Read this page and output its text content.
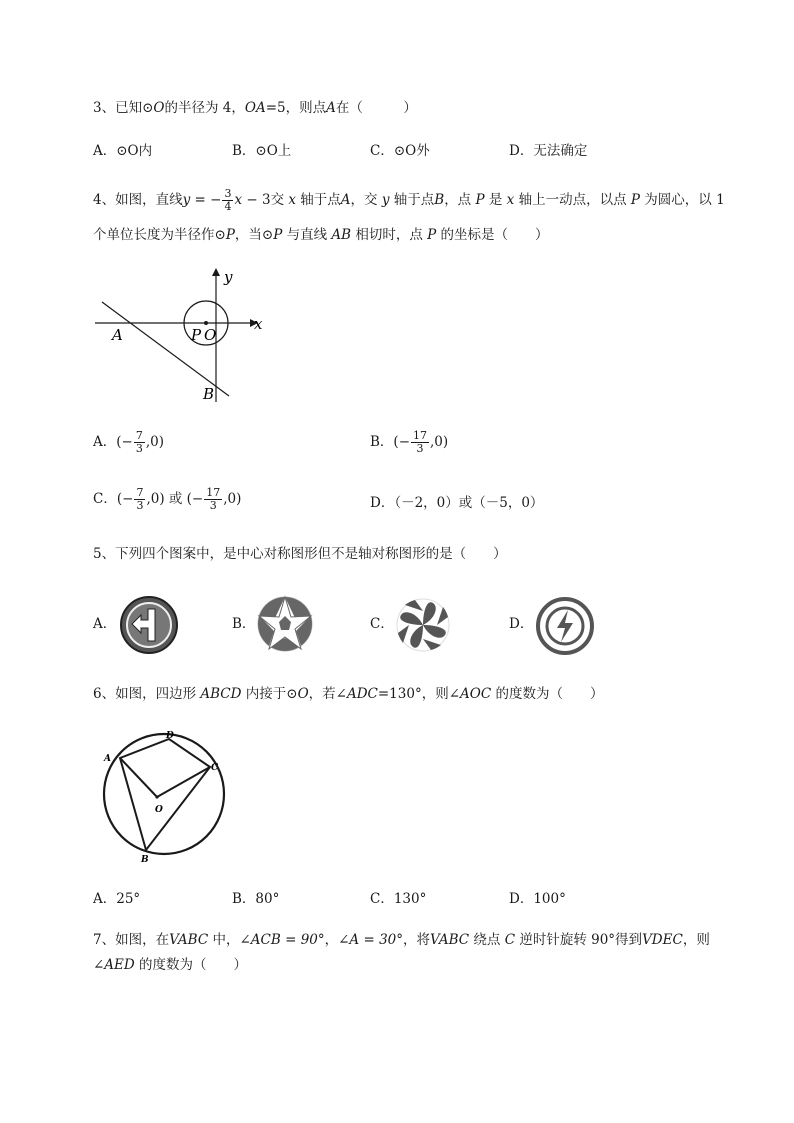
3、已知⊙O的半径为 4，OA=5，则点A在（　　　）
A．⊙O内	B．⊙O上	C．⊙O外	D．无法确定
4、如图，直线y = − $\frac{3}{4}$ x − 3交 x 轴于点A，交 y 轴于点B，点 P 是 x 轴上一动点，以点 P 为圆心，以 1
个单位长度为半径作⊙P，当⊙P 与直线 AB 相切时，点 P 的坐标是（　　）
y
x
A	P O
B
A．(− $\frac{7}{3} ,0$)	B．(− $\frac{17}{3} ,0$)
C．(− $\frac{7}{3} ,0$) 或 (− $\frac{17}{3} ,0$)	D．（－2，0）或（－5，0）
5、下列四个图案中，是中心对称图形但不是轴对称图形的是（　　）
A．	B．	C．	D．
6、如图，四边形 ABCD 内接于⊙O，若∠ADC=130°，则∠AOC 的度数为（　　）
A
D
C
O
B
A．25°	B．80°	C．130°	D．100°
7、如图，在VABC 中，∠ACB = 90°，∠A = 30°，将VABC 绕点 C 逆时针旋转 90°得到VDEC，则
∠AED 的度数为（　　）
